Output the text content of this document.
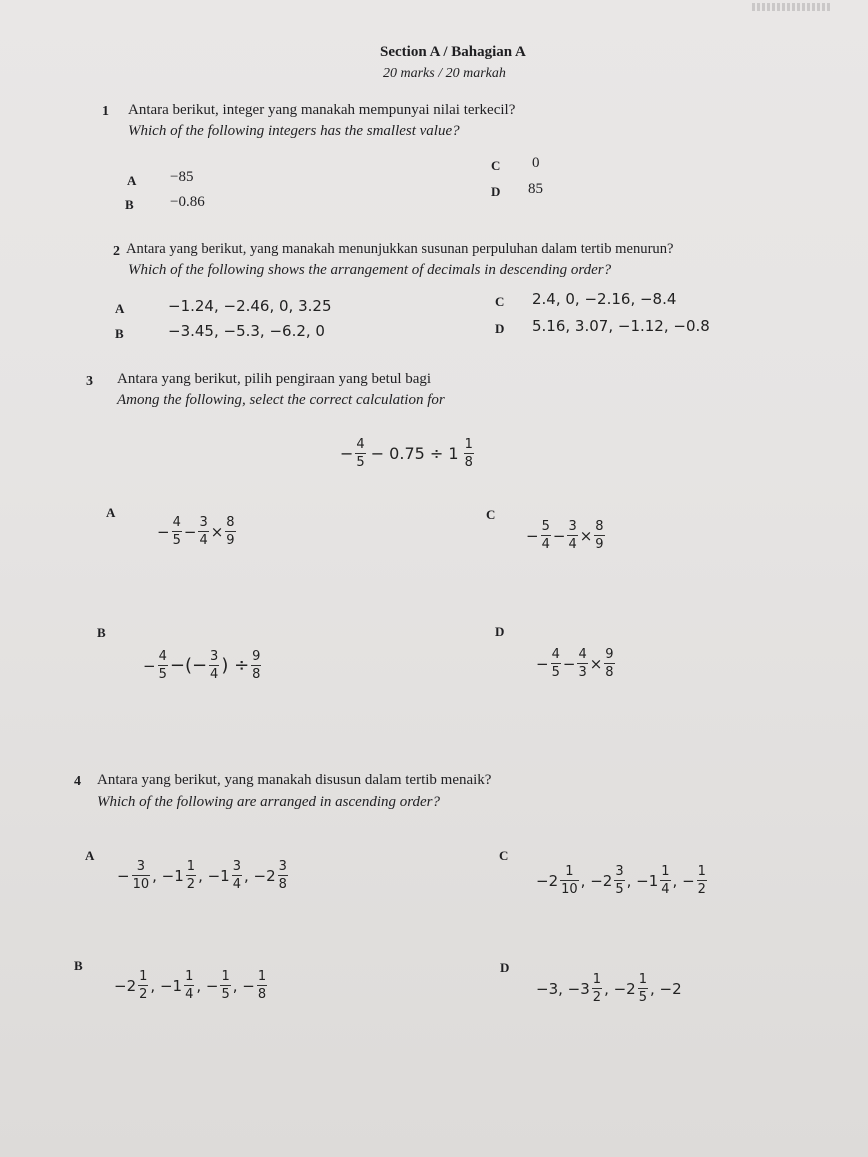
Section A / Bahagian A
20 marks / 20 markah
1 Antara berikut, integer yang manakah mempunyai nilai terkecil?
Which of the following integers has the smallest value?
A −85
B −0.86
C 0
D 85
2 Antara yang berikut, yang manakah menunjukkan susunan perpuluhan dalam tertib menurun?
Which of the following shows the arrangement of decimals in descending order?
A	−1.24, −2.46, 0, 3.25
B	−3.45, −5.3, −6.2, 0
C 2.4, 0, −2.16, −8.4
D 5.16, 3.07, −1.12, −0.8
3 Antara yang berikut, pilih pengiraan yang betul bagi
Among the following, select the correct calculation for
− $\frac{4}{5} - 0.75 \div 1 \frac{1}{8}$
A
− $\frac{4}{5} - \frac{3}{4} \times \frac{8}{9}$
B
− $\frac{4}{5}$ −(− $\frac{3}{4}$ ) ÷ $\frac{9}{8}$
C
− $\frac{5}{4} - \frac{3}{4} \times \frac{8}{9}$
D
− $\frac{4}{5} - \frac{4}{3} \times \frac{9}{8}$
4 Antara yang berikut, yang manakah disusun dalam tertib menaik?
Which of the following are arranged in ascending order?
A
− $\frac{3}{10}$ , $-1 \frac{1}{2}$ , $-1 \frac{3}{4}$ , $-2 \frac{3}{8}$
B
$-2 \frac{1}{2}$ , $-1 \frac{1}{4}$ , − $\frac{1}{5}$ , − $\frac{1}{8}$
C
$-2 \frac{1}{10}$ , $-2 \frac{3}{5}$ , $-1 \frac{1}{4}$ , − $\frac{1}{2}$
D
−3 , $-3 \frac{1}{2}$ , $-2 \frac{1}{5}$ , −2
